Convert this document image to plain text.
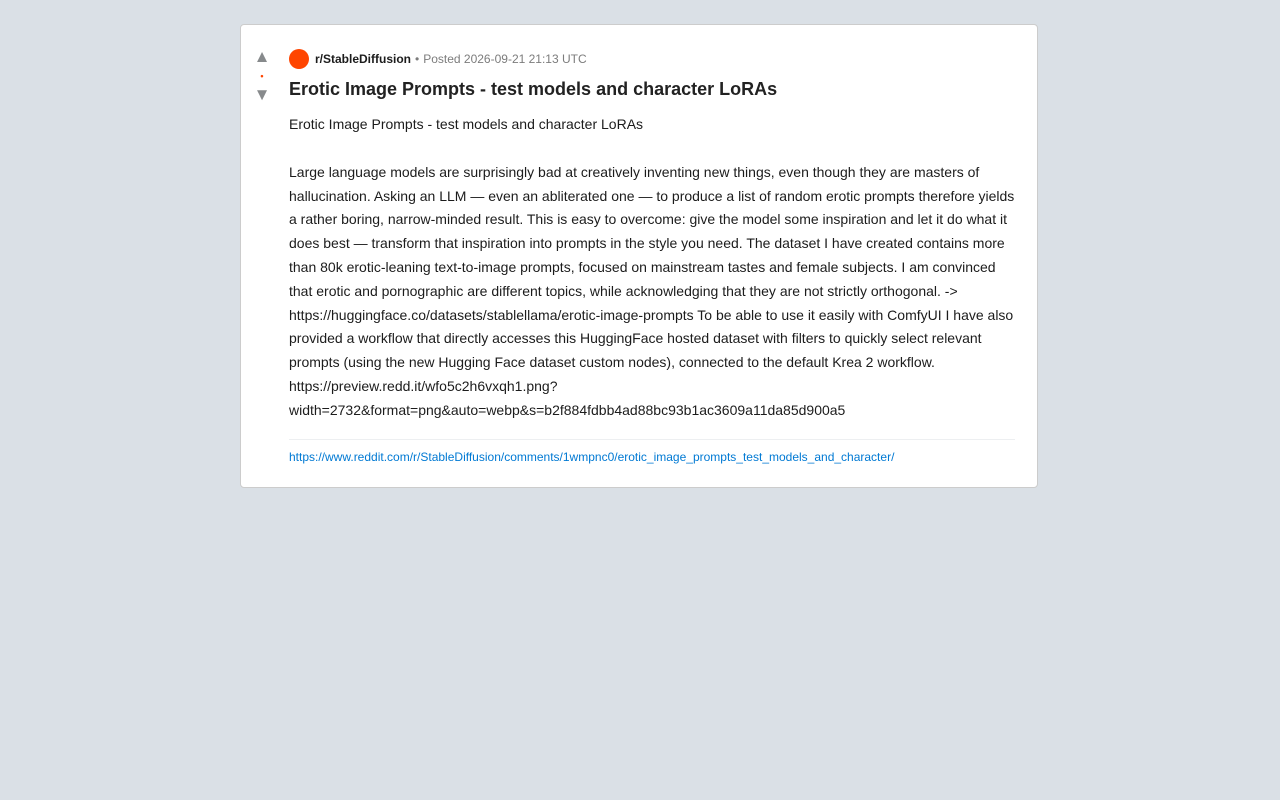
▲
•
▼
r/StableDiffusion • Posted 2026-09-21 21:13 UTC
Erotic Image Prompts - test models and character LoRAs

Erotic Image Prompts - test models and character LoRAs

Large language models are surprisingly bad at creatively inventing new things, even though they are masters of hallucination. Asking an LLM — even an abliterated one — to produce a list of random erotic prompts therefore yields a rather boring, narrow-minded result. This is easy to overcome: give the model some inspiration and let it do what it does best — transform that inspiration into prompts in the style you need. The dataset I have created contains more than 80k erotic-leaning text-to-image prompts, focused on mainstream tastes and female subjects. I am convinced that erotic and pornographic are different topics, while acknowledging that they are not strictly orthogonal. -> https://huggingface.co/datasets/stablellama/erotic-image-prompts To be able to use it easily with ComfyUI I have also provided a workflow that directly accesses this HuggingFace hosted dataset with filters to quickly select relevant prompts (using the new Hugging Face dataset custom nodes), connected to the default Krea 2 workflow. https://preview.redd.it/wfo5c2h6vxqh1.png?width=2732&format=png&auto=webp&s=b2f884fdbb4ad88bc93b1ac3609a11da85d900a5

https://www.reddit.com/r/StableDiffusion/comments/1wmpnc0/erotic_image_prompts_test_models_and_character/
